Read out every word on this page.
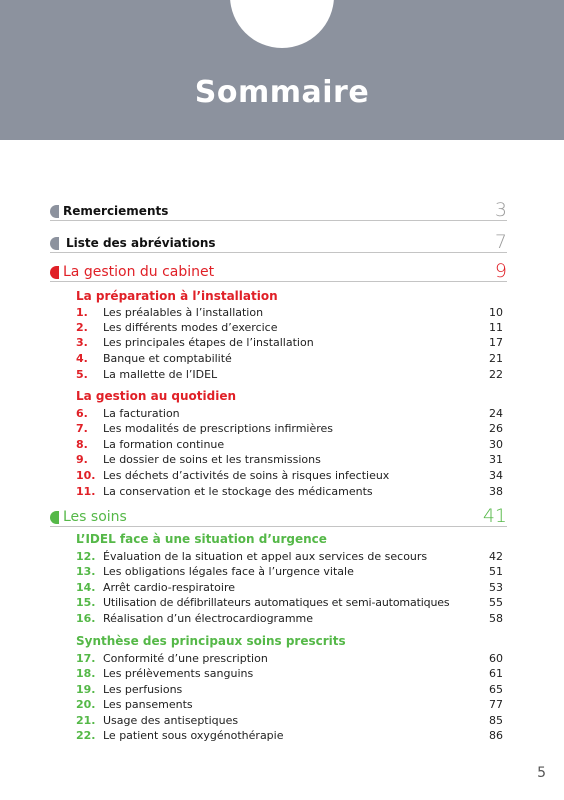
Sommaire
Remerciements	3
Liste des abréviations	7
La gestion du cabinet	9
La préparation à l’installation
1. Les préalables à l’installation	10
2. Les différents modes d’exercice	11
3. Les principales étapes de l’installation	17
4. Banque et comptabilité	21
5. La mallette de l’IDEL	22
La gestion au quotidien
6. La facturation	24
7. Les modalités de prescriptions infirmières	26
8. La formation continue	30
9. Le dossier de soins et les transmissions	31
10. Les déchets d’activités de soins à risques infectieux	34
11. La conservation et le stockage des médicaments	38
Les soins	41
L’IDEL face à une situation d’urgence
12. Évaluation de la situation et appel aux services de secours	42
13. Les obligations légales face à l’urgence vitale	51
14. Arrêt cardio-respiratoire	53
15. Utilisation de défibrillateurs automatiques et semi-automatiques	55
16. Réalisation d’un électrocardiogramme	58
Synthèse des principaux soins prescrits
17. Conformité d’une prescription	60
18. Les prélèvements sanguins	61
19. Les perfusions	65
20. Les pansements	77
21. Usage des antiseptiques	85
22. Le patient sous oxygénothérapie	86
5
